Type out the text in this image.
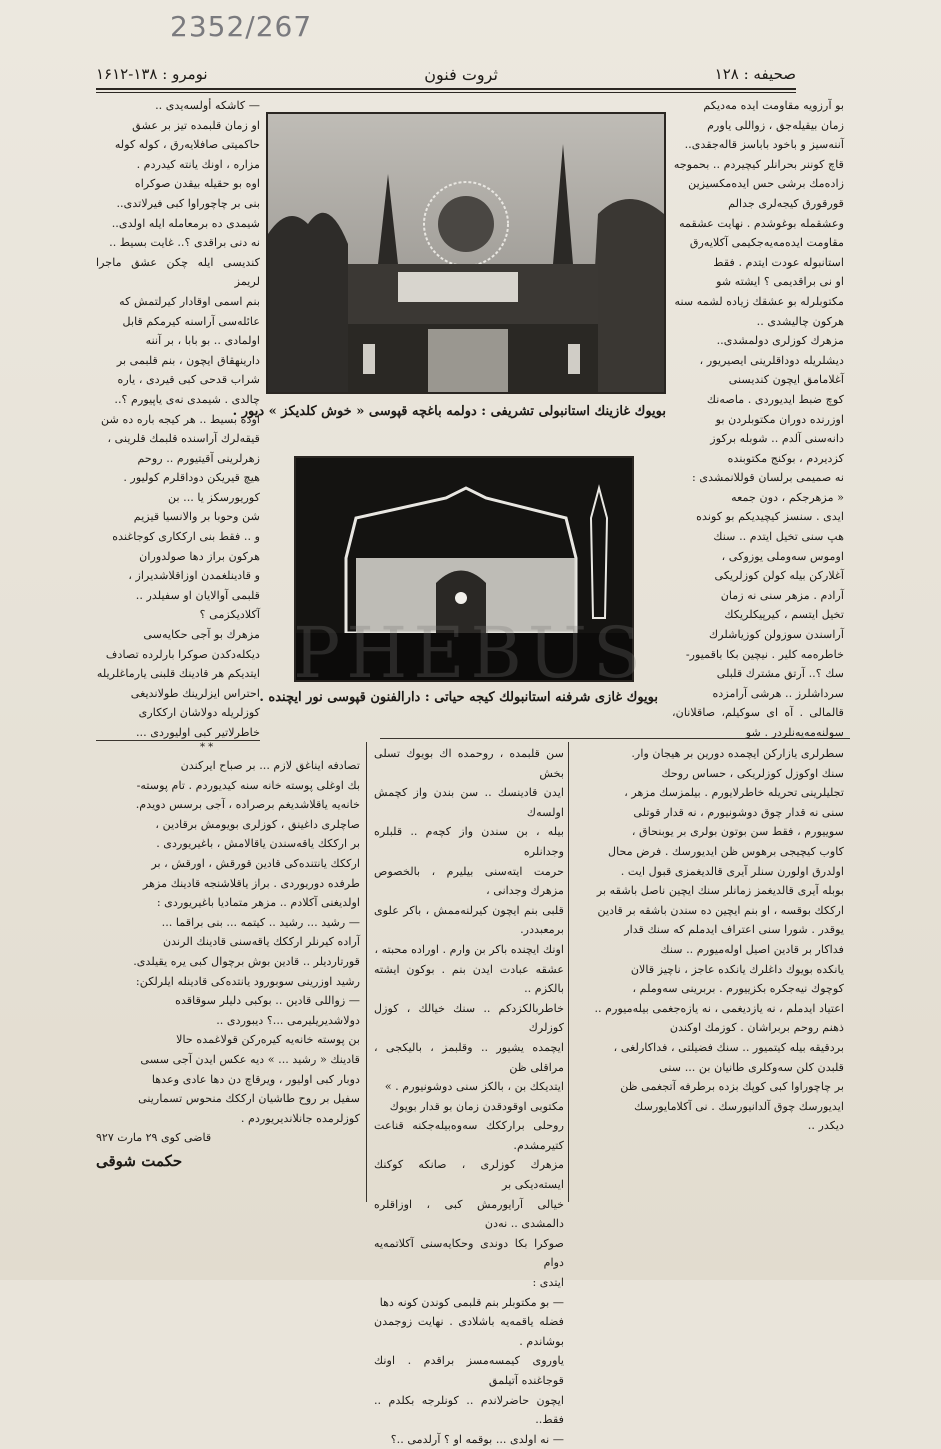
2352/267
صحیفه : ۱۲۸
ثروت فنون
نومرو : ۱۳۸-۱۶۱۲

بو آرزویه مقاومت ایده مه‌دیكم

زمان بیقیله‌جق ، زواللی یاورم

آننه‌سیز و باخود بابا‌سز قاله‌جقدی..

قاچ كوننر بحرانلر كیچیردم .. بحموجه

زاده‌مك برشی حس ایده‌مكسیزین

قورقورق كیجه‌لری جدالم

وعشقمله بوغوشدم . نهایت عشقمه

مقاومت ایده‌مه‌یه‌جكیمی آكلایه‌رق

استانبوله عودت ایتدم . فقط

او نی براقدیمی ؟ ایشته شو

مكتوبلرله بو عشقك زیاده لشمه سنه

هركون چالیشدی ..

مزهرك كوزلری دولمشدی..

دیشلریله دوداقلرینی ایصیریور ،

آغلامامق ایچون كندیسنی

كوچ ضبط ایدیوردی . ماصه‌نك

اوزرنده دوران مكتوبلردن بو

دانه‌سنی آلدم .. شوبله بركوز

كزدیردم ، بوكنج مكتوبنده

نه صمیمی برلسان قوللانمشدی :

« مزهرجكم ، دون جمعه

ایدی . سنسز كیچیدیكم بو كونده

هپ سنی تخیل ایتدم .. سنك

اوموس سه‌وملی یوزوكی ،

آغلاركن بیله كولن كوزلریكی

آرادم . مزهر سنی نه زمان

تخیل ایتسم ، كیرپیكلریكك

آراسندن سوزولن كوزیاشلرك

خاطره‌مه كلیر . نیچین بكا باقمیور-

سك ؟.. آرتق مشترك قلبلی

سرداشلرز .. هرشی آرامزده

قالمالی . آه ای سوكیلم، صاقلانان، سولنه‌مه‌یه‌نلردر . شو

— كاشكه أولسه‌یدی ..

او زمان قلبمده تیز بر عشق

حاكمیتی صافلایه‌رق ، كوله كوله

مزاره ، اونك یانته كیدردم .

اوه بو حقیله بیقدن صوكراه

بنی بر چاچوراوا كبی فیرلاتدی..

شیمدی ده برمعامله ایله اولدی..

نه دنی براقدی ؟.. غایت بسیط ..

كندیسی ایله چكن عشق ماجرا لریمز

بنم اسمی اوقادار كیرلتمش كه

عائله‌سی آراسنه كیرمكم قابل

اولمادی .. بو بابا ، بر آننه

دارینهقاق ایچون ، بنم قلبمی بر

شراب قدحی كبی قیردی ، یاره

چالدی . شیمدی نه‌ی یاپیورم ؟..

اوده بسیط .. هر كیجه باره ده شن

قیقه‌لرك آراسنده قلبمك قلرینی ،

زهرلرینی آقیتیورم .. روحم

هیچ قیریكن دوداقلرم كولیور .

كوریورسكز یا ... بن

شن وحوبا بر والانسیا قیزیم

و .. فقط بنی ارككاری كوجاغنده

هركون براز دها صولدوران

و قادینلغمدن اوزاقلاشدیراز ،

قلبمی آوالایان او سفیلدر ..

آكلادیكزمی ؟

مزهرك بو آجی حكایه‌سی

دیكله‌دكدن صوكرا بارلرده تصادف

ایتدیكم هر قادینك قلبنی یارماغلریله

احتراس ایزلرینك طولاندیغی

كوزلریله دولاشان ارككاری

خاطرلاتیر كبی اولیوردی ...

بویوك غازینك استانبولی تشریفی : دولمه باغچه قپوسی « خوش كلدیكز » دیور .
بویوك غازی شرفنه استانبولك كیجه حیاتی : دارالفنون قپوسی نور ایچنده .
PHEBUS
* *

تصادفه ایناغق لازم ... بر صباح ایركندن

بك اوغلی پوسته خانه سنه كیدیوردم . تام پوسته-

خانه‌یه یاقلاشدیغم برصراده ، آجی برسس دویدم.

صاچلری داغینق ، كوزلری بویومش برقادین ،

بر ارككك یاقه‌سندن یاقالامش ، باغیریوردی .

ارككك یانتنده‌كی قادین قورقش ، اورقش ، بر

طرفده دوریوردی . براز یاقلاشنجه قادینك مزهر

اولدیغنی آكلادم .. مزهر متمادیا باغیریوردی :

— رشید ... رشید .. كیتمه ... بنی براقما ...

آراده كیرنلر ارككك یاقه‌سنی قادینك الرندن

قورتاردیلر .. قادین بوش برچوال كبی یره یقیلدی.

رشید اوزرینی سوبورود یانتده‌كی قادینله ایلرلكن:

— زواللی قادین .. بوكبی دلیلر سوقاقده

دولاشدیریلیرمی ...؟ دیبوردی ..

بن پوسته خانه‌یه كیره‌ركن قولاغمده حالا

قادینك « رشید ... » دیه عكس ایدن آجی سسی

دوبار كبی اولیور ، ویرقاچ دن دها عادی وعدها

سفیل بر روح طاشیان ارككك منحوس تسمارینی

كوزلرمده جانلاندیریوردم .

قاضی كوی ۲۹ مارت ۹۲۷

حكمت شوقی

سن قلبمده ، روحمده اك بویوك تسلی بخش

ایدن قادینسك .. سن بندن واز كچمش اولسه‌ك

بیله ، بن سندن واز كچه‌م .. قلبلره وجدانلره

حرمت ایته‌سنی بیلیرم ، بالخصوص مزهرك وجدانی ،

قلبی بنم ایچون كیرلنه‌ممش ، باكر علوی برمعبددر.

اونك ایچنده باكر بن وارم . اوراده محبته ،

عشقه عبادت ایدن بنم . بوكون ایشته بالكزم ..

خاطربالكزدكم .. سنك خیالك ، كوزل كوزلرك

ایچمده یشیور .. وقلبمز ، بالیكجی ، مراقلی ظن

ایتدیكك بن ، بالكز سنی دوشونیورم . »

مكتوبی اوقودقدن زمان بو قدار بویوك

روحلی برارككك سه‌وه‌بیله‌جكنه قناعت كتیرمشدم.

مزهرك كوزلری ، صانكه كوكنك ایسته‌دیكی بر

خیالی آرایورمش كبی ، اوزاقلره دالمشدی .. نه‌دن

صوكرا بكا دوندی وحكایه‌سنی آكلاتمه‌یه دوام

ایتدی :

— بو مكتوبلر بنم قلبمی كوندن كونه دها

فضله یاقمه‌یه باشلادی . نهایت زوجمدن بوشاندم .

یاوروی كیمسه‌مسز براقدم . اونك قوجاغنده آتیلمق

ایچون حاضرلاندم .. كونلرجه بكلدم .. فقط..

— نه اولدی ... بوقمه او ؟ آرلدمی ..؟

سطرلری یازاركن ایچمده دورین بر هیجان وار.

سنك اوكوزل كوزلریكی ، حساس روحك

تجلیلرینی تحریله خاطرلایورم . بیلمزسك مزهر ،

سنی نه قدار چوق دوشونیورم ، نه قدار قوتلی

سوییورم ، فقط سن بوتون بولری بر یوبنحاق ،

كاوب كیچیجی برهوس ظن ایدیورسك . فرض محال

اولدرق اولورن سنلر آیری قالدیغمزی قبول ایت .

بوبله آیری قالدیغمز زمانلر سنك ایچین ناصل باشقه بر

ارككك بوقسه ، او بنم ایچین ده سندن باشقه بر قادین

یوقدر . شورا سنی اعتراف ایدملم كه سنك قدار

فداكار بر قادین اصیل اوله‌میورم .. سنك

یانكده بویوك داغلرك یانكده عاجز ، ناچیز قالان

كوچوك نیه‌جكره بكزییورم . بربرینی سه‌وملم ،

اعتیاد ایدملم ، نه یازدیغمی ، نه یازه‌جغمی بیله‌میورم ..

ذهنم روحم بربراشان . كوزمك اوكندن

بردقیقه بیله كیتمیور .. سنك فضیلتی ، فداكارلغی ،

قلبدن كلن سه‌وكلری طانیان بن ... سنی

بر چاچوراوا كبی كوپك بزده برطرفه آتجغمی ظن

ایدیورسك چوق آلدانیورسك . نی آكلامایورسك

دیكدر ..
